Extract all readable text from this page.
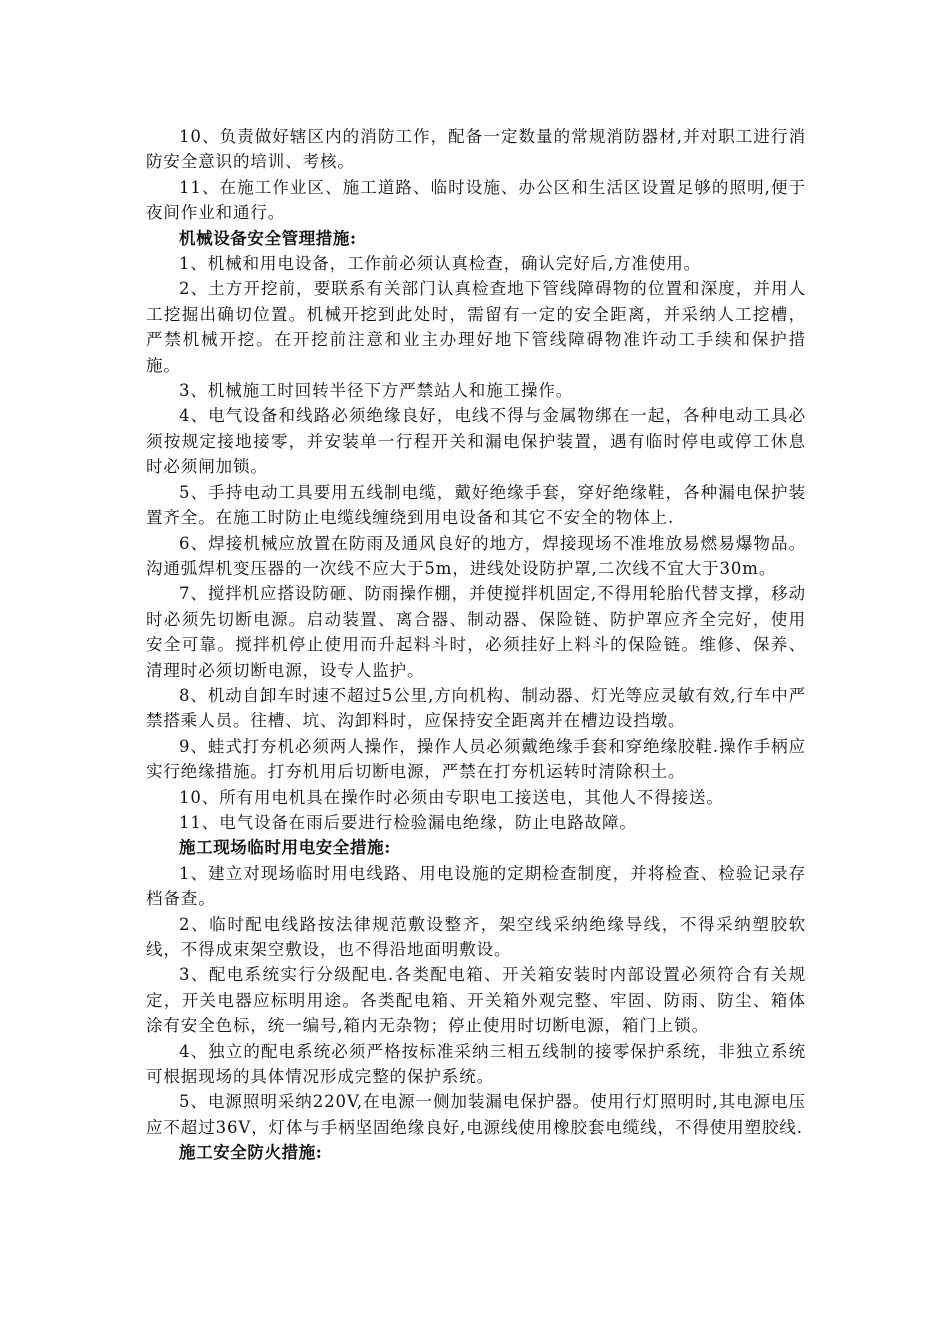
10、负责做好辖区内的消防工作，配备一定数量的常规消防器材,并对职工进行消防安全意识的培训、考核。

11、在施工作业区、施工道路、临时设施、办公区和生活区设置足够的照明,便于夜间作业和通行。

机械设备安全管理措施:

1、机械和用电设备，工作前必须认真检查，确认完好后,方准使用。

2、土方开挖前，要联系有关部门认真检查地下管线障碍物的位置和深度，并用人工挖掘出确切位置。机械开挖到此处时，需留有一定的安全距离，并采纳人工挖槽，严禁机械开挖。在开挖前注意和业主办理好地下管线障碍物准许动工手续和保护措施。

3、机械施工时回转半径下方严禁站人和施工操作。

4、电气设备和线路必须绝缘良好，电线不得与金属物绑在一起，各种电动工具必须按规定接地接零，并安装单一行程开关和漏电保护装置，遇有临时停电或停工休息时必须闸加锁。

5、手持电动工具要用五线制电缆，戴好绝缘手套，穿好绝缘鞋，各种漏电保护装置齐全。在施工时防止电缆线缠绕到用电设备和其它不安全的物体上.

6、焊接机械应放置在防雨及通风良好的地方，焊接现场不准堆放易燃易爆物品。沟通弧焊机变压器的一次线不应大于5m，进线处设防护罩,二次线不宜大于30m。

7、搅拌机应搭设防砸、防雨操作棚，并使搅拌机固定,不得用轮胎代替支撑，移动时必须先切断电源。启动装置、离合器、制动器、保险链、防护罩应齐全完好，使用安全可靠。搅拌机停止使用而升起料斗时，必须挂好上料斗的保险链。维修、保养、清理时必须切断电源，设专人监护。

8、机动自卸车时速不超过5公里,方向机构、制动器、灯光等应灵敏有效,行车中严禁搭乘人员。往槽、坑、沟卸料时，应保持安全距离并在槽边设挡墩。

9、蛙式打夯机必须两人操作，操作人员必须戴绝缘手套和穿绝缘胶鞋.操作手柄应实行绝缘措施。打夯机用后切断电源，严禁在打夯机运转时清除积土。

10、所有用电机具在操作时必须由专职电工接送电，其他人不得接送。

11、电气设备在雨后要进行检验漏电绝缘，防止电路故障。

施工现场临时用电安全措施:

1、建立对现场临时用电线路、用电设施的定期检查制度，并将检查、检验记录存档备查。

2、临时配电线路按法律规范敷设整齐，架空线采纳绝缘导线，不得采纳塑胶软线，不得成束架空敷设，也不得沿地面明敷设。

3、配电系统实行分级配电.各类配电箱、开关箱安装时内部设置必须符合有关规定，开关电器应标明用途。各类配电箱、开关箱外观完整、牢固、防雨、防尘、箱体涂有安全色标，统一编号,箱内无杂物；停止使用时切断电源，箱门上锁。

4、独立的配电系统必须严格按标准采纳三相五线制的接零保护系统，非独立系统可根据现场的具体情况形成完整的保护系统。

5、电源照明采纳220V,在电源一侧加装漏电保护器。使用行灯照明时,其电源电压应不超过36V，灯体与手柄坚固绝缘良好,电源线使用橡胶套电缆线，不得使用塑胶线.

施工安全防火措施:
